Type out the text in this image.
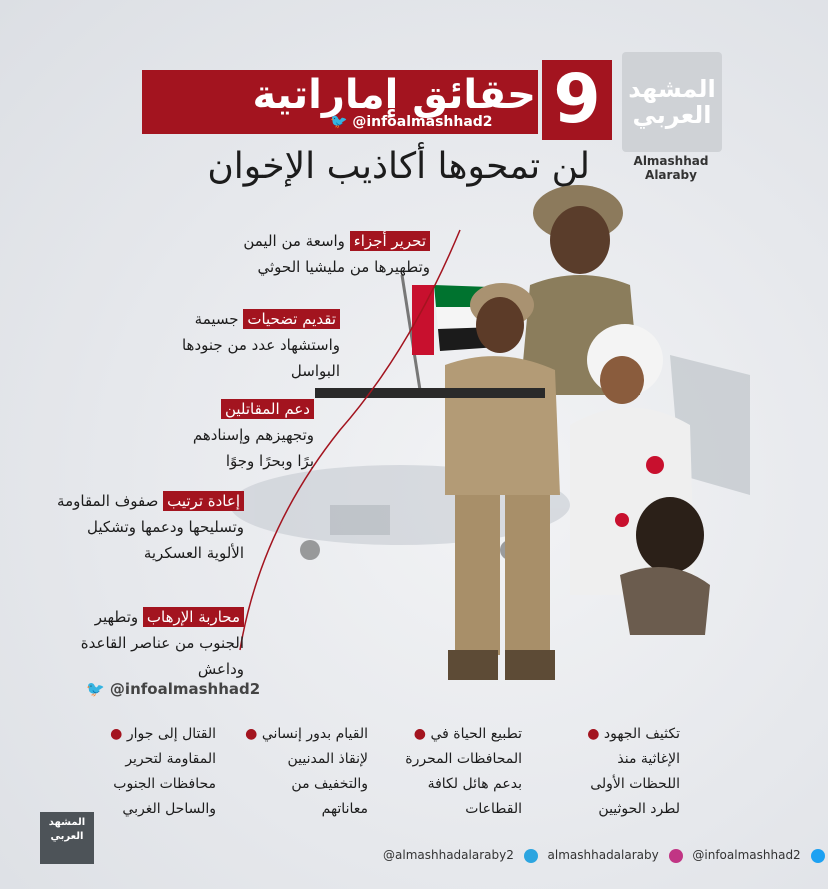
حقائق إماراتية 9
🐦 @infoalmashhad2
لن تمحوها أكاذيب الإخوان
المشهد
العربي
Almashhad Alaraby
تحرير أجزاء واسعة من اليمن
وتطهيرها من مليشيا الحوثي
تقديم تضحيات جسيمة
واستشهاد عدد من جنودها
البواسل
دعم المقاتلين
وتجهيزهم وإسنادهم
برًا وبحرًا وجوًا
إعادة ترتيب صفوف المقاومة
وتسليحها ودعمها وتشكيل
الألوية العسكرية
محاربة الإرهاب وتطهير
الجنوب من عناصر القاعدة
وداعش
🐦 @infoalmashhad2
تكثيف الجهود ●
الإغاثية منذ
اللحظات الأولى
لطرد الحوثيين
تطبيع الحياة في ●
المحافظات المحررة
بدعم هائل لكافة
القطاعات
القيام بدور إنساني ●
لإنقاذ المدنيين
والتخفيف من
معاناتهم
القتال إلى جوار ●
المقاومة لتحرير
محافظات الجنوب
والساحل الغربي
المشهد
العربي
@almashhadalaraby2	almashhadalaraby	@infoalmashhad2
